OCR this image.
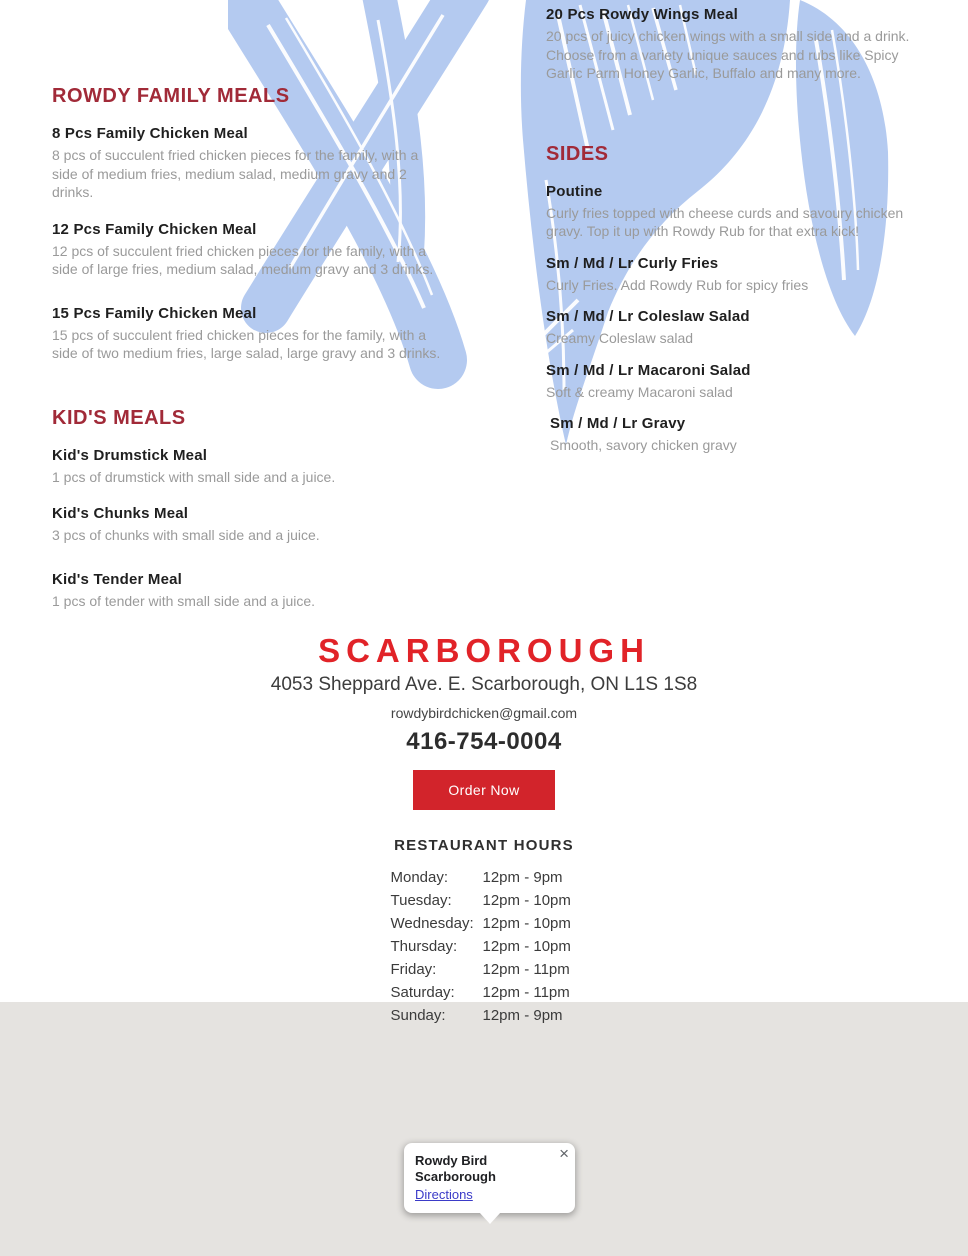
ROWDY FAMILY MEALS
8 Pcs Family Chicken Meal

8 pcs of succulent fried chicken pieces for the family, with a side of medium fries, medium salad, medium gravy and 2 drinks.

12 Pcs Family Chicken Meal

12 pcs of succulent fried chicken pieces for the family, with a side of large fries, medium salad, medium gravy and 3 drinks.

15 Pcs Family Chicken Meal

15 pcs of succulent fried chicken pieces for the family, with a side of two medium fries, large salad, large gravy and 3 drinks.

KID'S MEALS
Kid's Drumstick Meal

1 pcs of drumstick with small side and a juice.

Kid's Chunks Meal

3 pcs of chunks with small side and a juice.

Kid's Tender Meal

1 pcs of tender with small side and a juice.

20 Pcs Rowdy Wings Meal

20 pcs of juicy chicken wings with a small side and a drink. Choose from a variety unique sauces and rubs like Spicy Garlic Parm Honey Garlic, Buffalo and many more.

SIDES
Poutine

Curly fries topped with cheese curds and savoury chicken gravy. Top it up with Rowdy Rub for that extra kick!

Sm / Md / Lr Curly Fries

Curly Fries. Add Rowdy Rub for spicy fries

Sm / Md / Lr Coleslaw Salad

Creamy Coleslaw salad

Sm / Md / Lr Macaroni Salad

Soft & creamy Macaroni salad

Sm / Md / Lr Gravy

Smooth, savory chicken gravy

SCARBOROUGH
4053 Sheppard Ave. E. Scarborough, ON L1S 1S8
rowdybirdchicken@gmail.com
416-754-0004
Order Now
RESTAURANT HOURS
Monday:	12pm - 9pm
Tuesday:	12pm - 10pm
Wednesday: 12pm - 10pm
Thursday:	12pm - 10pm
Friday:	12pm - 11pm
Saturday:	12pm - 11pm
Sunday:	12pm - 9pm
Rowdy Bird Scarborough
Directions
×
